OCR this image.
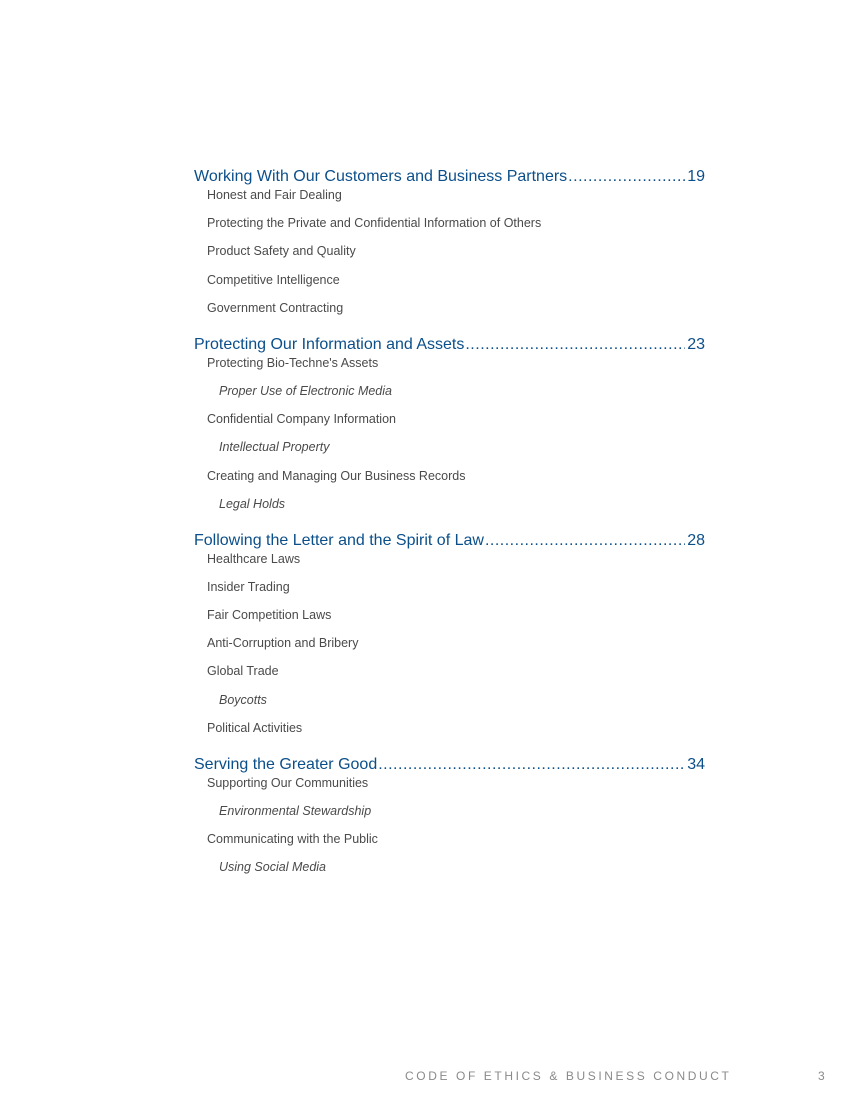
Working With Our Customers and Business Partners .....	19
Honest and Fair Dealing
Protecting the Private and Confidential Information of Others
Product Safety and Quality
Competitive Intelligence
Government Contracting
Protecting Our Information and Assets .....	23
Protecting Bio-Techne's Assets
Proper Use of Electronic Media
Confidential Company Information
Intellectual Property
Creating and Managing Our Business Records
Legal Holds
Following the Letter and the Spirit of Law .....	28
Healthcare Laws
Insider Trading
Fair Competition Laws
Anti-Corruption and Bribery
Global Trade
Boycotts
Political Activities
Serving the Greater Good .....	34
Supporting Our Communities
Environmental Stewardship
Communicating with the Public
Using Social Media
CODE OF ETHICS & BUSINESS CONDUCT	3
